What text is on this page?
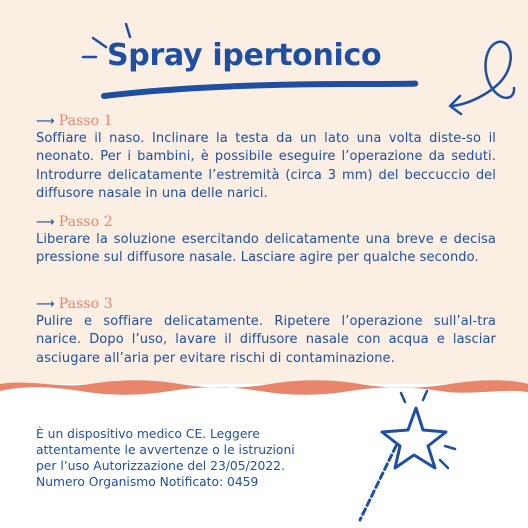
Spray ipertonico
⟶ Passo 1

Soffiare il naso. Inclinare la testa da un lato una volta diste-so il neonato. Per i bambini, è possibile eseguire l’operazione da seduti. Introdurre delicatamente l’estremità (circa 3 mm) del beccuccio del diffusore nasale in una delle narici.

⟶ Passo 2

Liberare la soluzione esercitando delicatamente una breve e decisa pressione sul diffusore nasale. Lasciare agire per qualche secondo.

⟶ Passo 3

Pulire e soffiare delicatamente. Ripetere l’operazione sull’al-tra narice. Dopo l’uso, lavare il diffusore nasale con acqua e lasciar asciugare all’aria per evitare rischi di contaminazione.

È un dispositivo medico CE. Leggere
attentamente le avvertenze o le istruzioni
per l’uso Autorizzazione del 23/05/2022.
Numero Organismo Notificato: 0459
